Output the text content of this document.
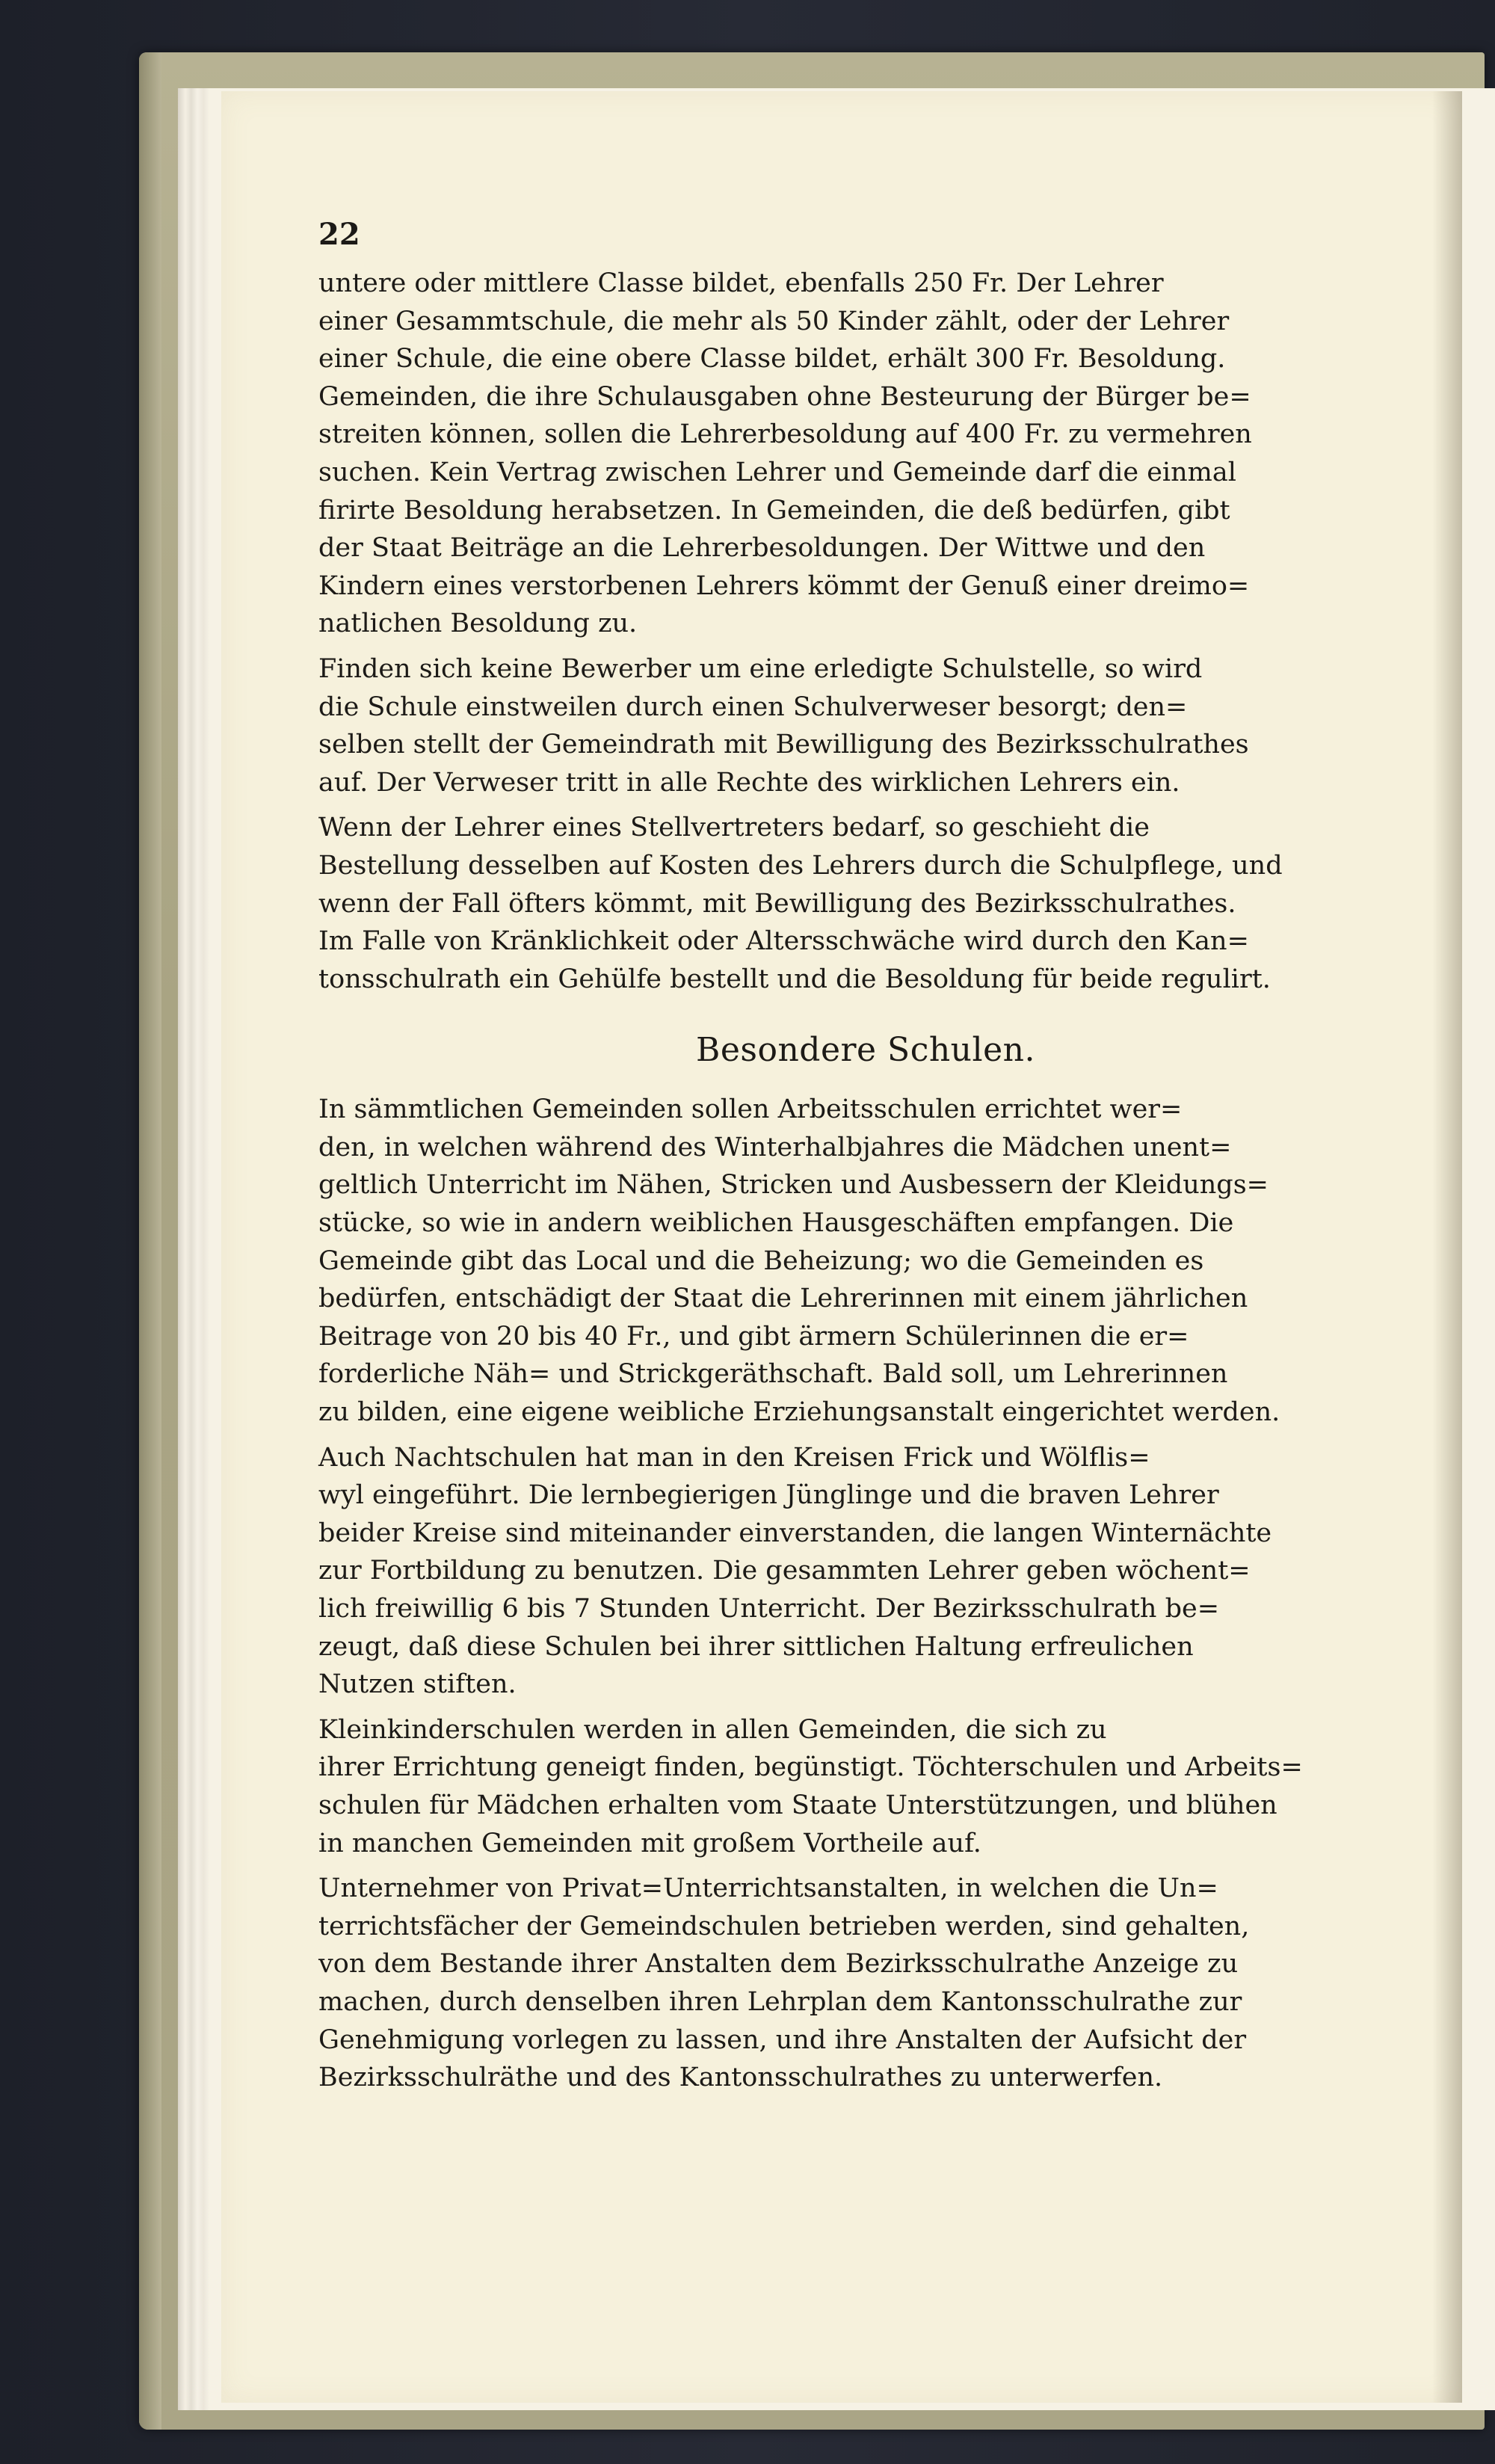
22

untere oder mittlere Classe bildet, ebenfalls 250 Fr. Der Lehrer
einer Gesammtschule, die mehr als 50 Kinder zählt, oder der Lehrer
einer Schule, die eine obere Classe bildet, erhält 300 Fr. Besoldung.
Gemeinden, die ihre Schulausgaben ohne Besteurung der Bürger be=
streiten können, sollen die Lehrerbesoldung auf 400 Fr. zu vermehren
suchen. Kein Vertrag zwischen Lehrer und Gemeinde darf die einmal
firirte Besoldung herabsetzen. In Gemeinden, die deß bedürfen, gibt
der Staat Beiträge an die Lehrerbesoldungen. Der Wittwe und den
Kindern eines verstorbenen Lehrers kömmt der Genuß einer dreimo=
natlichen Besoldung zu.

Finden sich keine Bewerber um eine erledigte Schulstelle, so wird
die Schule einstweilen durch einen Schulverweser besorgt; den=
selben stellt der Gemeindrath mit Bewilligung des Bezirksschulrathes
auf. Der Verweser tritt in alle Rechte des wirklichen Lehrers ein.

Wenn der Lehrer eines Stellvertreters bedarf, so geschieht die
Bestellung desselben auf Kosten des Lehrers durch die Schulpflege, und
wenn der Fall öfters kömmt, mit Bewilligung des Bezirksschulrathes.
Im Falle von Kränklichkeit oder Altersschwäche wird durch den Kan=
tonsschulrath ein Gehülfe bestellt und die Besoldung für beide regulirt.

Besondere Schulen.

In sämmtlichen Gemeinden sollen Arbeitsschulen errichtet wer=
den, in welchen während des Winterhalbjahres die Mädchen unent=
geltlich Unterricht im Nähen, Stricken und Ausbessern der Kleidungs=
stücke, so wie in andern weiblichen Hausgeschäften empfangen. Die
Gemeinde gibt das Local und die Beheizung; wo die Gemeinden es
bedürfen, entschädigt der Staat die Lehrerinnen mit einem jährlichen
Beitrage von 20 bis 40 Fr., und gibt ärmern Schülerinnen die er=
forderliche Näh= und Strickgeräthschaft. Bald soll, um Lehrerinnen
zu bilden, eine eigene weibliche Erziehungsanstalt eingerichtet werden.

Auch Nachtschulen hat man in den Kreisen Frick und Wölflis=
wyl eingeführt. Die lernbegierigen Jünglinge und die braven Lehrer
beider Kreise sind miteinander einverstanden, die langen Winternächte
zur Fortbildung zu benutzen. Die gesammten Lehrer geben wöchent=
lich freiwillig 6 bis 7 Stunden Unterricht. Der Bezirksschulrath be=
zeugt, daß diese Schulen bei ihrer sittlichen Haltung erfreulichen
Nutzen stiften.

Kleinkinderschulen werden in allen Gemeinden, die sich zu
ihrer Errichtung geneigt finden, begünstigt. Töchterschulen und Arbeits=
schulen für Mädchen erhalten vom Staate Unterstützungen, und blühen
in manchen Gemeinden mit großem Vortheile auf.

Unternehmer von Privat=Unterrichtsanstalten, in welchen die Un=
terrichtsfächer der Gemeindschulen betrieben werden, sind gehalten,
von dem Bestande ihrer Anstalten dem Bezirksschulrathe Anzeige zu
machen, durch denselben ihren Lehrplan dem Kantonsschulrathe zur
Genehmigung vorlegen zu lassen, und ihre Anstalten der Aufsicht der
Bezirksschulräthe und des Kantonsschulrathes zu unterwerfen.
